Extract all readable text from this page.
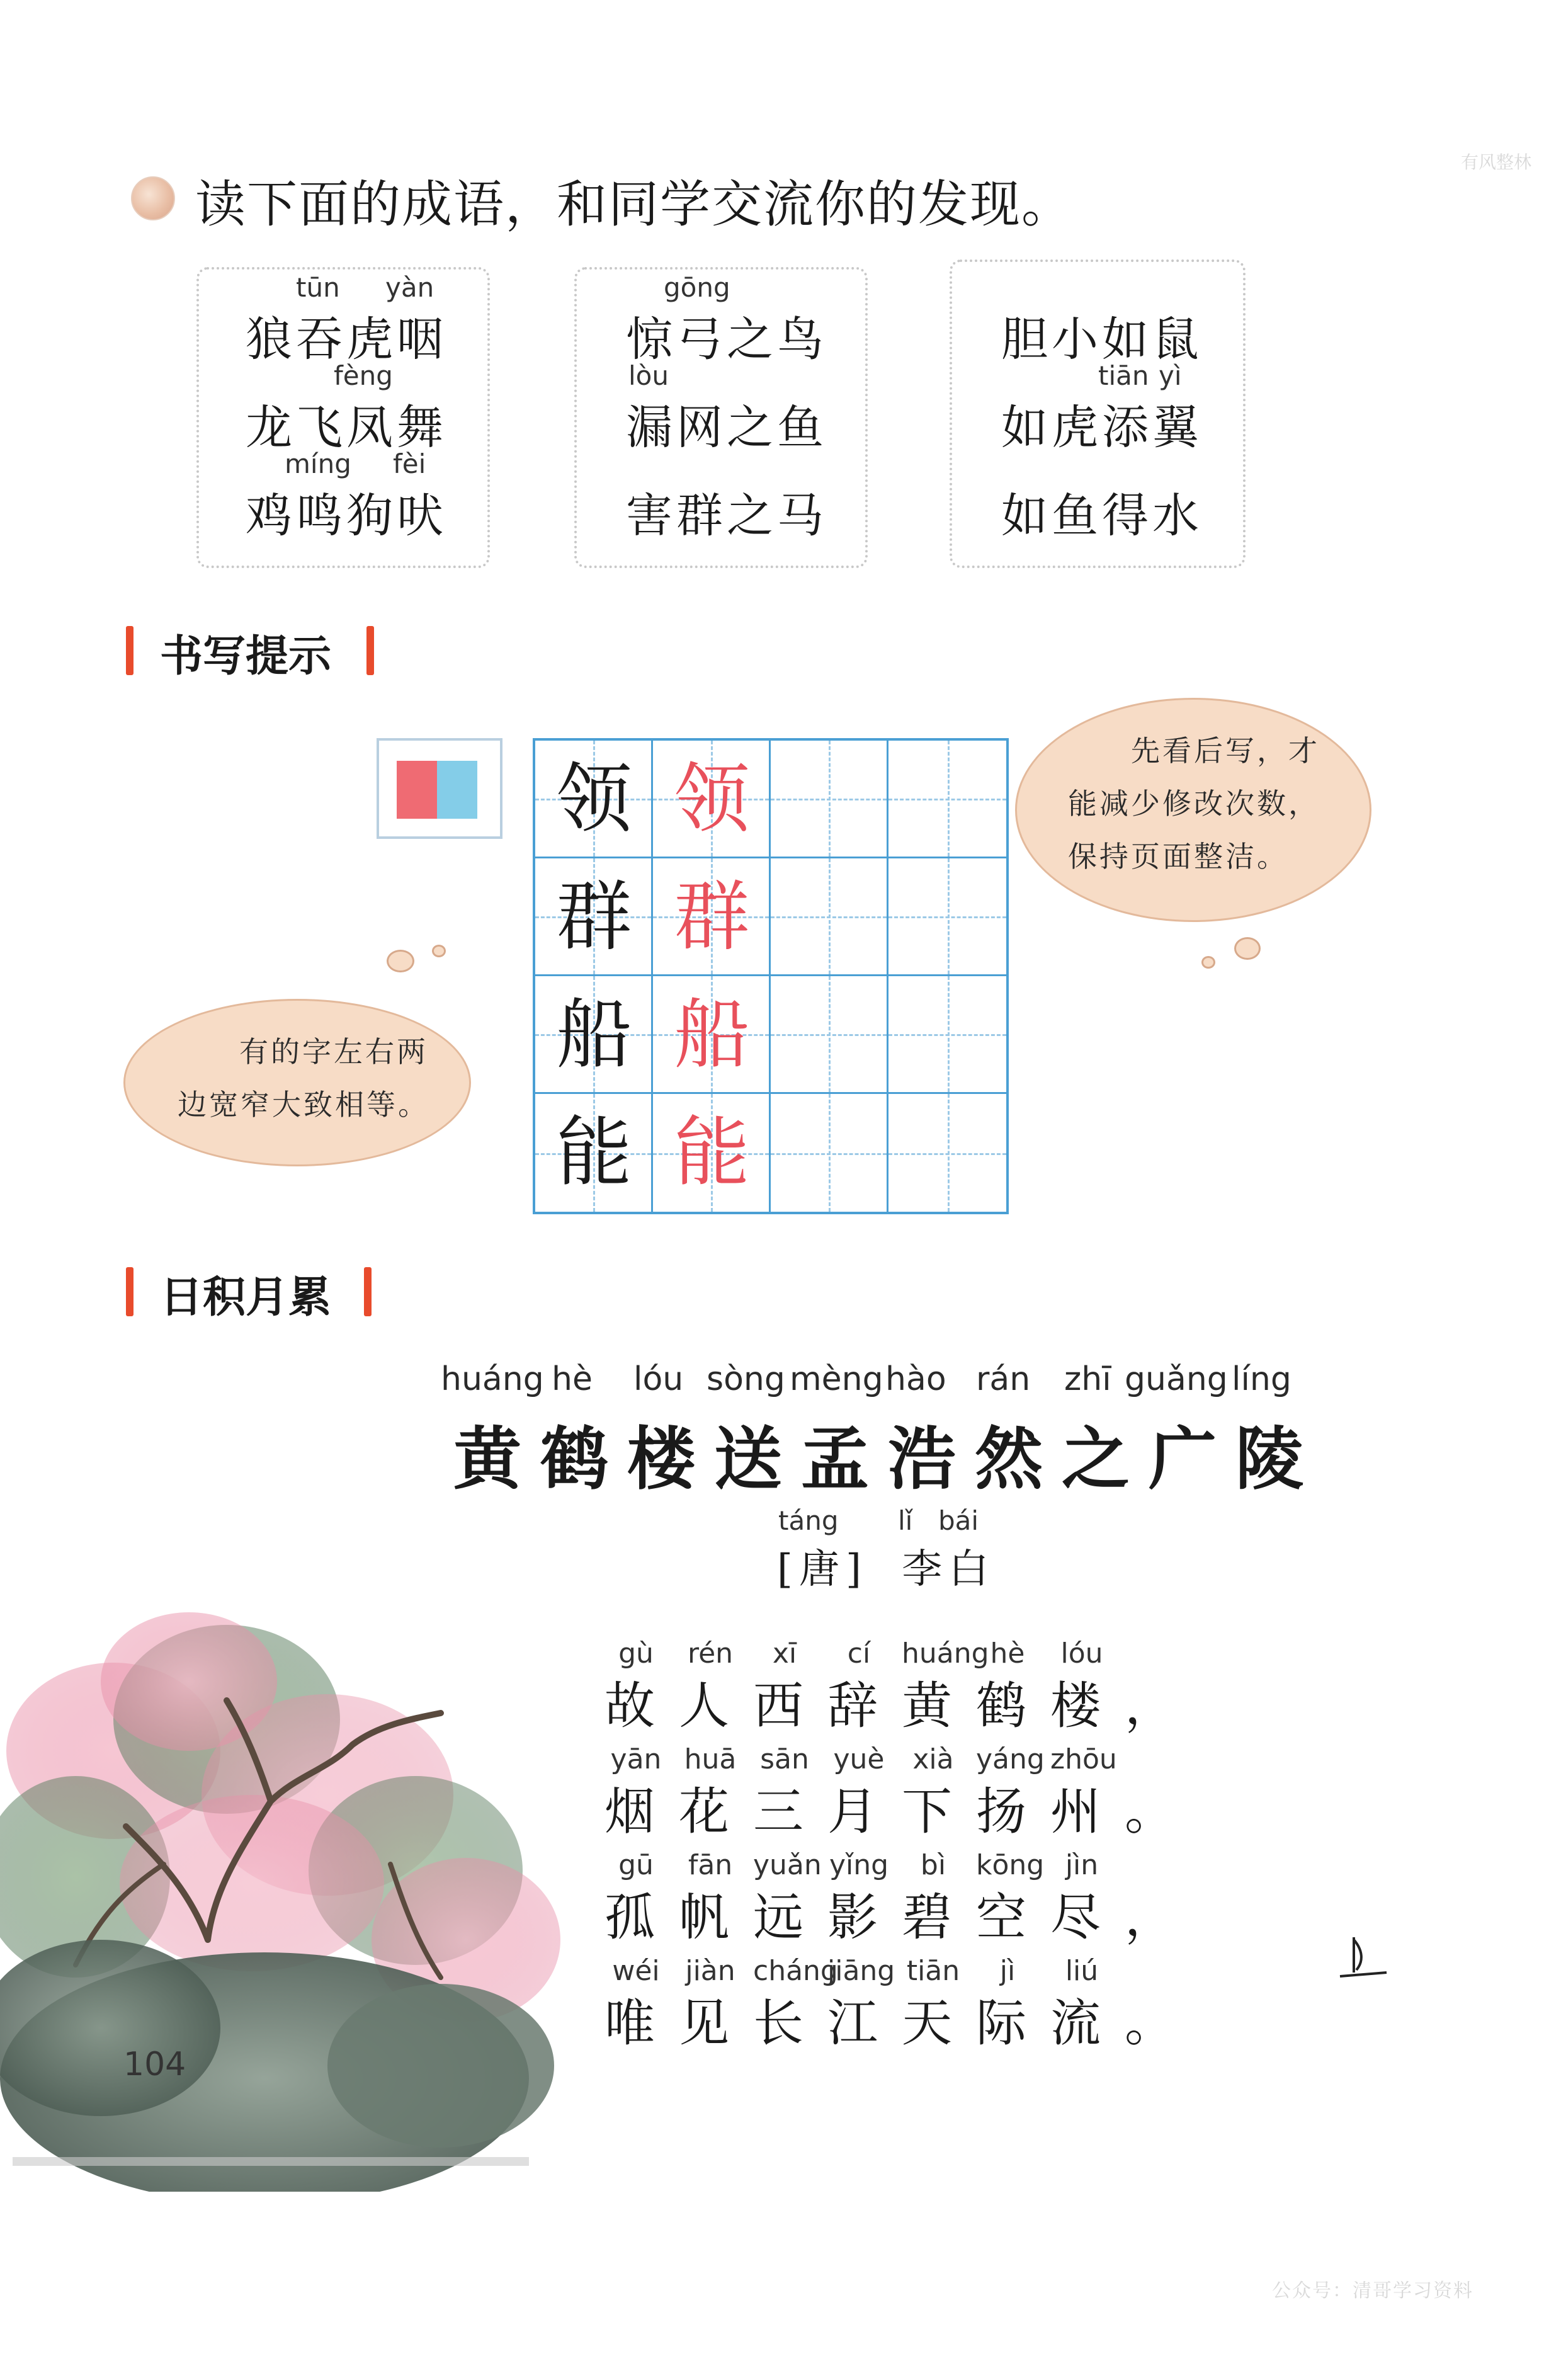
有风整林
读下面的成语，和同学交流你的发现。
tūn yàn
狼吞虎咽
fèng
龙飞凤舞
míng fèi
鸡鸣狗吠
gōng
惊弓之鸟
lòu
漏网之鱼
害群之马
胆小如鼠
tiān yì
如虎添翼
如鱼得水
书写提示
领 领
群 群
船 船
能 能
先看后写，才
能减少修改次数，
保持页面整洁。
有的字左右两
边宽窄大致相等。
日积月累
huáng hè lóu sòng mèng hào rán zhī guǎng líng
黄鹤楼送孟浩然之广陵
táng lǐ bái
[唐] 李白
gù	rén	xī	cí	huáng hè	lóu
故 人 西 辞 黄 鹤 楼 ，
yān huā sān yuè	xià yáng zhōu
烟 花 三 月 下 扬 州 。
gū	fān yuǎn yǐng	bì	kōng jìn
孤 帆 远 影 碧 空 尽 ，
wéi jiàn cháng
jiāng tiān	jì	liú
唯 见 长 江 天 际 流 。
104
公众号：清哥学习资料
